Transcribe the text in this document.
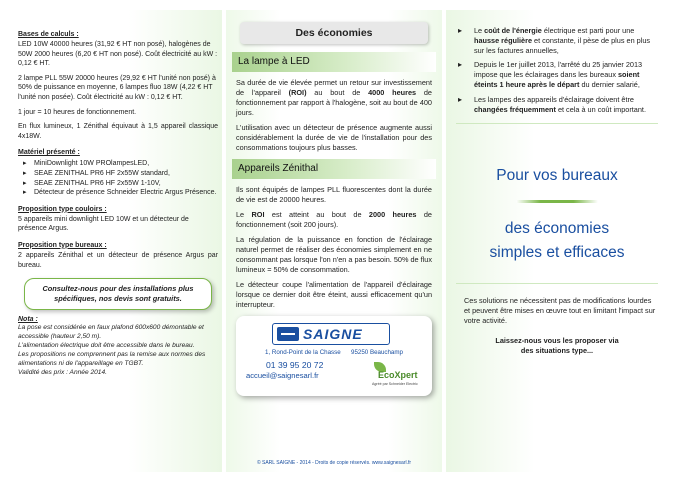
Bases de calculs :

LED 10W 40000 heures (31,92 € HT non posé), halogènes de 50W 2000 heures (6,20 € HT non posé). Coût électricité au kW : 0,12 € HT.

2 lampe PLL 55W 20000 heures (29,92 € HT l'unité non posé) à 50% de puissance en moyenne, 6 lampes fluo 18W (4,22 € HT l'unité non posée). Coût électricité au kW : 0,12 € HT.

1 jour = 10 heures de fonctionnement.

En flux lumineux, 1 Zénithal équivaut à 1,5 appareil classique 4x18W.

Matériel présenté :
▸ MiniDownlight 10W PROlampesLED,
▸ SEAE ZENITHAL PR6 HF 2x55W standard,
▸ SEAE ZENITHAL PR6 HF 2x55W 1-10V,
▸ Détecteur de présence Schneider Electric Argus Présence.
Proposition type couloirs :

5 appareils mini downlight LED 10W et un détecteur de présence Argus.

Proposition type bureaux :

2 appareils Zénithal et un détecteur de présence Argus par bureau.

Consultez-nous pour des installations plus spécifiques, nos devis sont gratuits.
Nota :

La pose est considérée en faux plafond 600x600 démontable et accessible (hauteur 2,50 m).

L'alimentation électrique doit être accessible dans le bureau.

Les propositions ne comprennent pas la remise aux normes des alimentations ni de l'appareillage en TGBT.

Validité des prix : Année 2014.

Des économies
La lampe à LED

Sa durée de vie élevée permet un retour sur investissement de l'appareil (ROI) au bout de 4000 heures de fonctionnement par rapport à l'halogène, soit au bout de 400 jours.

L'utilisation avec un détecteur de présence augmente aussi considérablement la durée de vie de l'installation pour des consommations toujours plus basses.

Appareils Zénithal

Ils sont équipés de lampes PLL fluorescentes dont la durée de vie est de 20000 heures.

Le ROI est atteint au bout de 2000 heures de fonctionnement (soit 200 jours).

La régulation de la puissance en fonction de l'éclairage naturel permet de réaliser des économies simplement en ne consommant pas lorsque l'on n'en a pas besoin. 50% de flux lumineux = 50% de consommation.

Le détecteur coupe l'alimentation de l'appareil d'éclairage lorsque ce dernier doit être éteint, aussi efficacement qu'un interrupteur.

SAIGNE
1, Rond-Point de la Chasse 95250 Beauchamp
01 39 95 20 72
accueil@saignesarl.fr	EcoXpert
Agréé par Schneider Electric
© SARL SAIGNE - 2014 - Droits de copie réservés. www.saignesarl.fr
▸ Le coût de l'énergie électrique est parti pour une hausse régulière et constante, il pèse de plus en plus sur les factures annuelles,
▸ Depuis le 1er juillet 2013, l'arrêté du 25 janvier 2013 impose que les éclairages dans les bureaux soient éteints 1 heure après le départ du dernier salarié,
▸ Les lampes des appareils d'éclairage doivent être changées fréquemment et cela à un coût important.
Pour vos bureaux
des économies
simples et efficaces

Ces solutions ne nécessitent pas de modifications lourdes et peuvent être mises en œuvre tout en limitant l'impact sur votre activité.

Laissez-nous vous les proposer via
des situations type...
